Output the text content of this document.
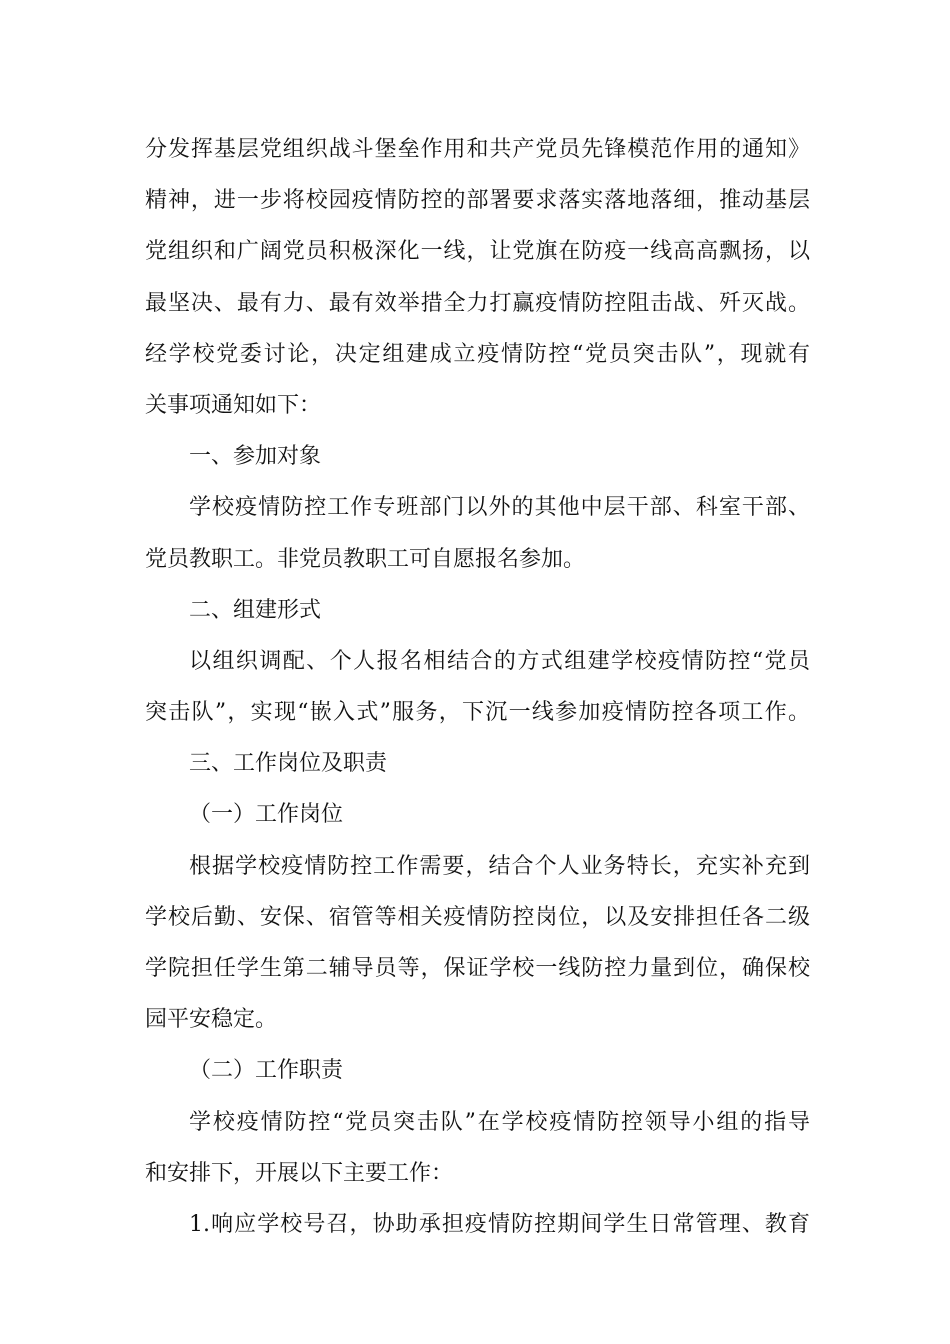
分发挥基层党组织战斗堡垒作用和共产党员先锋模范作用的通知》
精神，进一步将校园疫情防控的部署要求落实落地落细，推动基层
党组织和广阔党员积极深化一线，让党旗在防疫一线高高飘扬，以
最坚决、最有力、最有效举措全力打赢疫情防控阻击战、歼灭战。
经学校党委讨论，决定组建成立疫情防控“党员突击队”，现就有
关事项通知如下：
一、参加对象
学校疫情防控工作专班部门以外的其他中层干部、科室干部、
党员教职工。非党员教职工可自愿报名参加。
二、组建形式
以组织调配、个人报名相结合的方式组建学校疫情防控“党员
突击队”，实现“嵌入式”服务，下沉一线参加疫情防控各项工作。
三、工作岗位及职责
（一）工作岗位
根据学校疫情防控工作需要，结合个人业务特长，充实补充到
学校后勤、安保、宿管等相关疫情防控岗位，以及安排担任各二级
学院担任学生第二辅导员等，保证学校一线防控力量到位，确保校
园平安稳定。
（二）工作职责
学校疫情防控“党员突击队”在学校疫情防控领导小组的指导
和安排下，开展以下主要工作：
1.响应学校号召，协助承担疫情防控期间学生日常管理、教育
